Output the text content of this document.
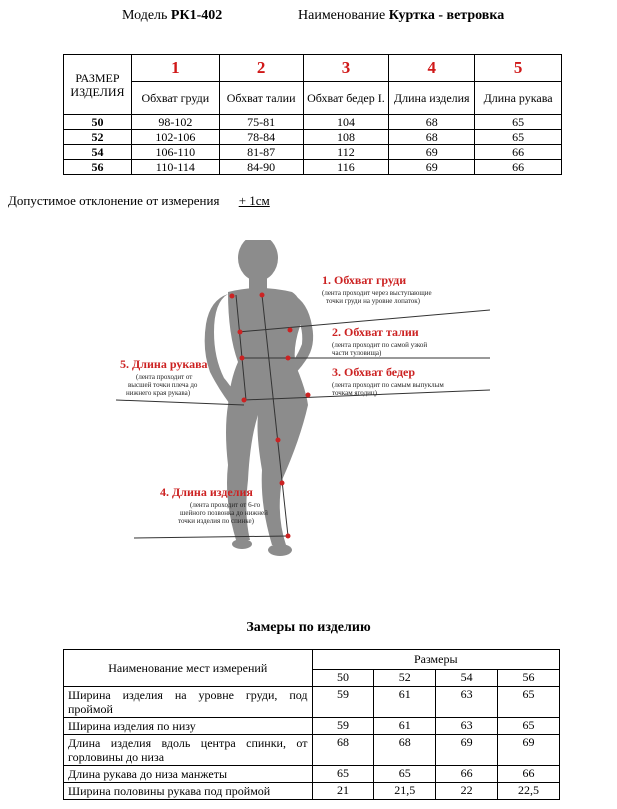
Модель РК1-402	Наименование Куртка - ветровка
РАЗМЕР ИЗДЕЛИЯ	1	2	3	4	5
	Обхват груди	Обхват талии	Обхват бедер I.	Длина изделия	Длина рукава
50	98-102	75-81	104	68	65
52	102-106	78-84	108	68	65
54	106-110	81-87	112	69	66
56	110-114	84-90	116	69	66
Допустимое отклонение от измерения + 1см
1. Обхват груди
(лента проходит через выступающие
точки груди на уровне лопаток)
2. Обхват талии
(лента проходит по самой узкой
части туловища)
3. Обхват бедер
(лента проходит по самым выпуклым
точкам ягодиц)
5. Длина рукава
(лента проходит от
высшей точки плеча до
нижнего края рукава)
4. Длина изделия
(лента проходит от 6-го
шейного позвонка до нижней
точки изделия по спинке)
Замеры по изделию
Наименование мест измерений	Размеры			
	50	52	54	56
Ширина изделия на уровне груди, под проймой	59	61	63	65
Ширина изделия по низу	59	61	63	65
Длина изделия вдоль центра спинки, от горловины до низа	68	68	69	69
Длина рукава до низа манжеты	65	65	66	66
Ширина половины рукава под проймой	21	21,5	22	22,5
